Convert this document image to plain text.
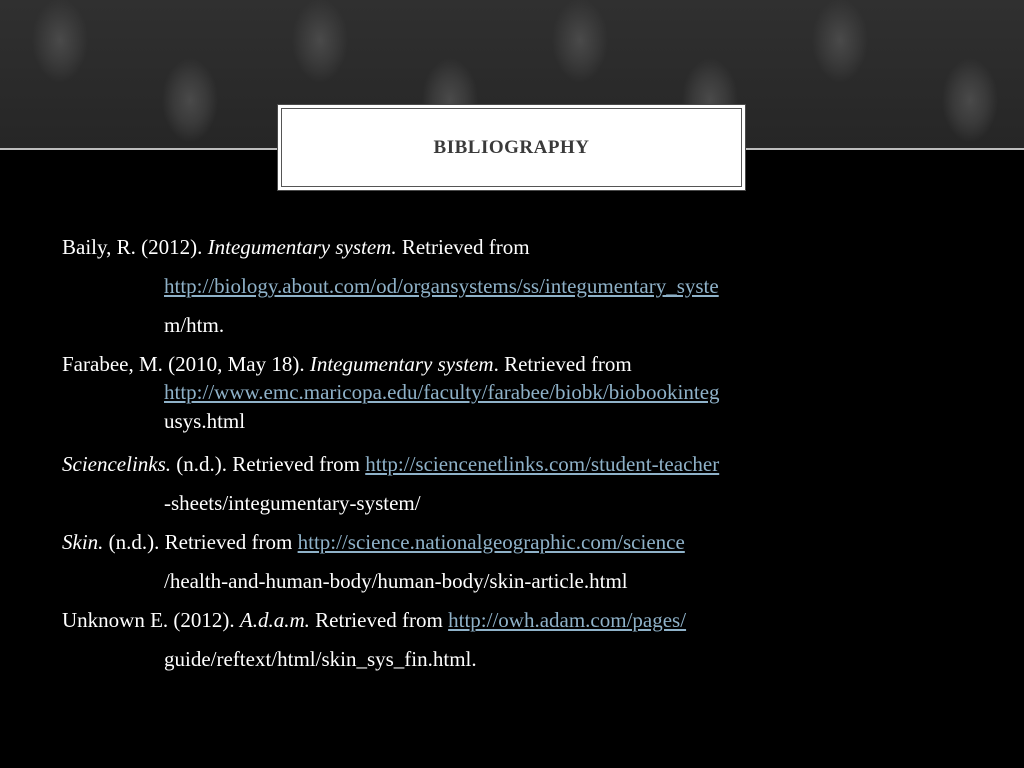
BIBLIOGRAPHY
Baily, R. (2012). Integumentary system. Retrieved from
http://biology.about.com/od/organsystems/ss/integumentary_syste
m/htm.
Farabee, M. (2010, May 18). Integumentary system. Retrieved from
http://www.emc.maricopa.edu/faculty/farabee/biobk/biobookinteg
usys.html
Sciencelinks. (n.d.). Retrieved from http://sciencenetlinks.com/student-teacher
-sheets/integumentary-system/
Skin. (n.d.). Retrieved from http://science.nationalgeographic.com/science
/health-and-human-body/human-body/skin-article.html
Unknown E. (2012). A.d.a.m. Retrieved from http://owh.adam.com/pages/
guide/reftext/html/skin_sys_fin.html.
